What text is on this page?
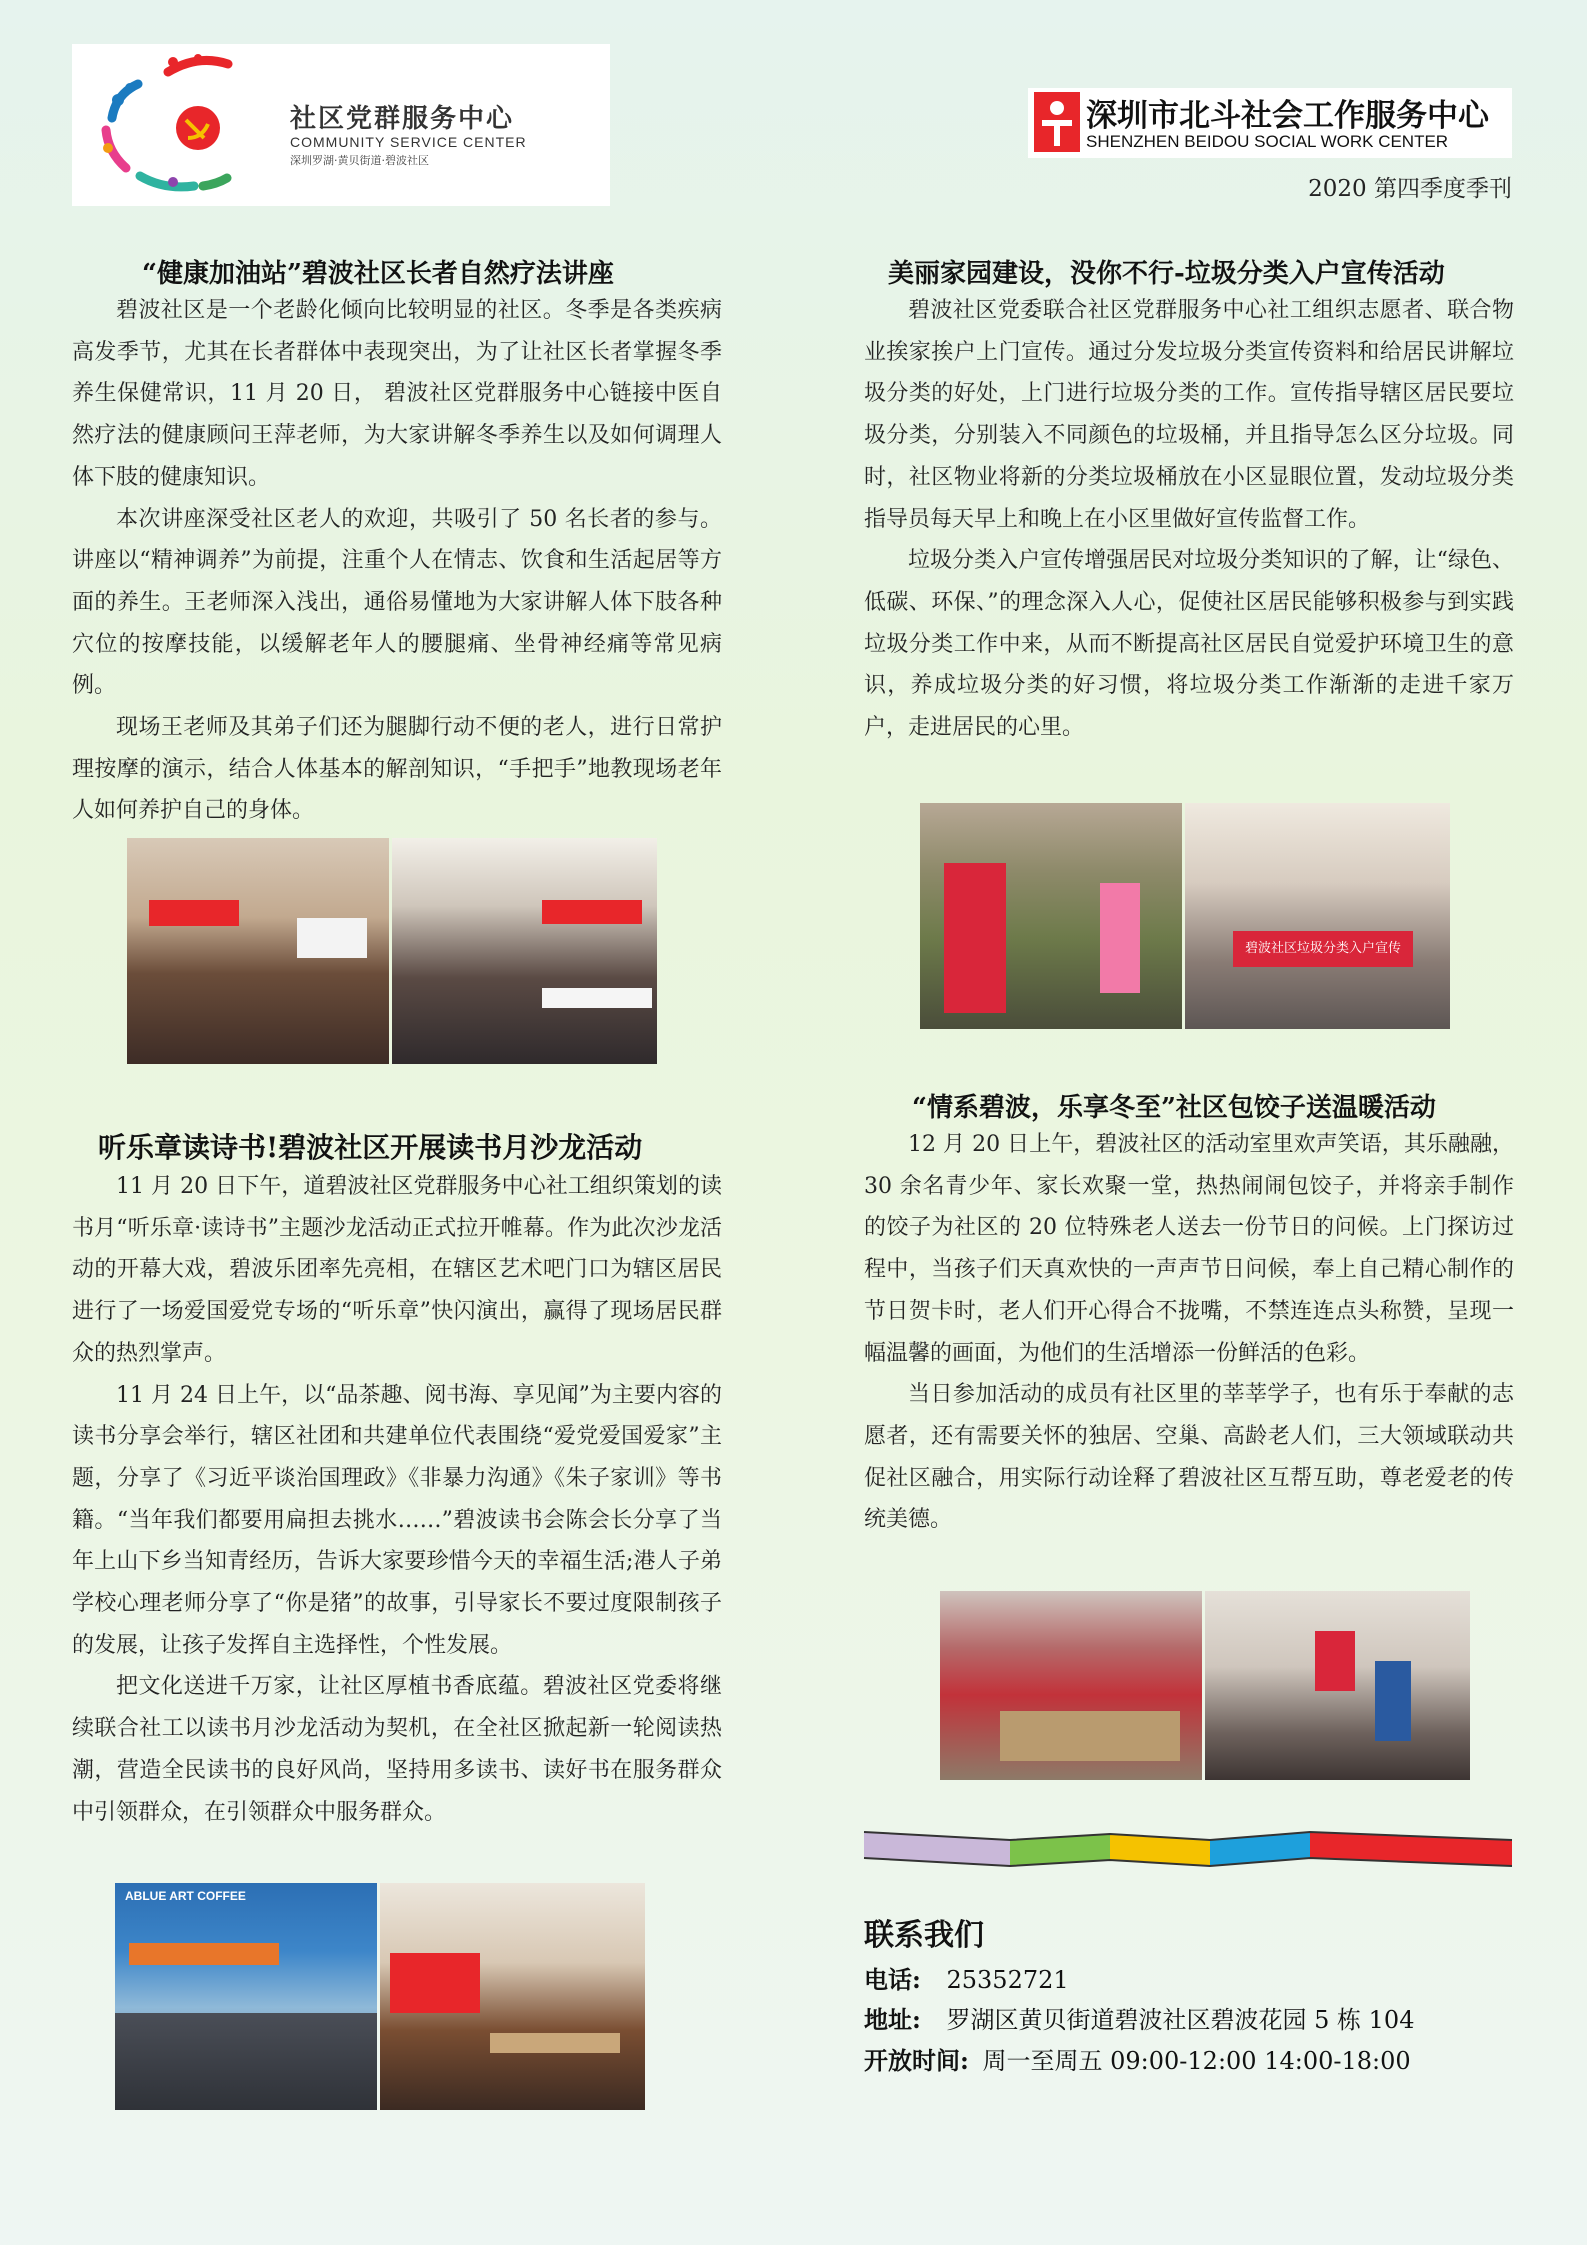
社区党群服务中心
COMMUNITY SERVICE CENTER
深圳罗湖·黄贝街道·碧波社区
深圳市北斗社会工作服务中心
SHENZHEN BEIDOU SOCIAL WORK CENTER
2020 第四季度季刊
“健康加油站”碧波社区长者自然疗法讲座

碧波社区是一个老龄化倾向比较明显的社区。冬季是各类疾病高发季节，尤其在长者群体中表现突出，为了让社区长者掌握冬季养生保健常识，11 月 20 日， 碧波社区党群服务中心链接中医自然疗法的健康顾问王萍老师，为大家讲解冬季养生以及如何调理人体下肢的健康知识。

本次讲座深受社区老人的欢迎，共吸引了 50 名长者的参与。讲座以“精神调养”为前提，注重个人在情志、饮食和生活起居等方面的养生。王老师深入浅出，通俗易懂地为大家讲解人体下肢各种穴位的按摩技能，以缓解老年人的腰腿痛、坐骨神经痛等常见病例。

现场王老师及其弟子们还为腿脚行动不便的老人，进行日常护理按摩的演示，结合人体基本的解剖知识，“手把手”地教现场老年人如何养护自己的身体。

听乐章读诗书!碧波社区开展读书月沙龙活动

11 月 20 日下午，道碧波社区党群服务中心社工组织策划的读书月“听乐章·读诗书”主题沙龙活动正式拉开帷幕。作为此次沙龙活动的开幕大戏，碧波乐团率先亮相，在辖区艺术吧门口为辖区居民进行了一场爱国爱党专场的“听乐章”快闪演出，赢得了现场居民群众的热烈掌声。

11 月 24 日上午，以“品茶趣、阅书海、享见闻”为主要内容的读书分享会举行，辖区社团和共建单位代表围绕“爱党爱国爱家”主题，分享了《习近平谈治国理政》《非暴力沟通》《朱子家训》等书籍。“当年我们都要用扁担去挑水……”碧波读书会陈会长分享了当年上山下乡当知青经历，告诉大家要珍惜今天的幸福生活;港人子弟学校心理老师分享了“你是猪”的故事，引导家长不要过度限制孩子的发展，让孩子发挥自主选择性，个性发展。

把文化送进千万家，让社区厚植书香底蕴。碧波社区党委将继续联合社工以读书月沙龙活动为契机，在全社区掀起新一轮阅读热潮，营造全民读书的良好风尚，坚持用多读书、读好书在服务群众中引领群众，在引领群众中服务群众。

ABLUE ART COFFEE
美丽家园建设，没你不行-垃圾分类入户宣传活动

碧波社区党委联合社区党群服务中心社工组织志愿者、联合物业挨家挨户上门宣传。通过分发垃圾分类宣传资料和给居民讲解垃圾分类的好处，上门进行垃圾分类的工作。宣传指导辖区居民要垃圾分类，分别装入不同颜色的垃圾桶，并且指导怎么区分垃圾。同时，社区物业将新的分类垃圾桶放在小区显眼位置，发动垃圾分类指导员每天早上和晚上在小区里做好宣传监督工作。

垃圾分类入户宣传增强居民对垃圾分类知识的了解，让“绿色、低碳、环保、”的理念深入人心，促使社区居民能够积极参与到实践垃圾分类工作中来，从而不断提高社区居民自觉爱护环境卫生的意识，养成垃圾分类的好习惯，将垃圾分类工作渐渐的走进千家万户，走进居民的心里。

碧波社区垃圾分类入户宣传
“情系碧波，乐享冬至”社区包饺子送温暖活动

12 月 20 日上午，碧波社区的活动室里欢声笑语，其乐融融，30 余名青少年、家长欢聚一堂，热热闹闹包饺子，并将亲手制作的饺子为社区的 20 位特殊老人送去一份节日的问候。上门探访过程中，当孩子们天真欢快的一声声节日问候，奉上自己精心制作的节日贺卡时，老人们开心得合不拢嘴，不禁连连点头称赞，呈现一幅温馨的画面，为他们的生活增添一份鲜活的色彩。

当日参加活动的成员有社区里的莘莘学子，也有乐于奉献的志愿者，还有需要关怀的独居、空巢、高龄老人们，三大领域联动共促社区融合，用实际行动诠释了碧波社区互帮互助，尊老爱老的传统美德。

联系我们
电话: 25352721
地址: 罗湖区黄贝街道碧波社区碧波花园 5 栋 104
开放时间: 周一至周五 09:00-12:00 14:00-18:00
